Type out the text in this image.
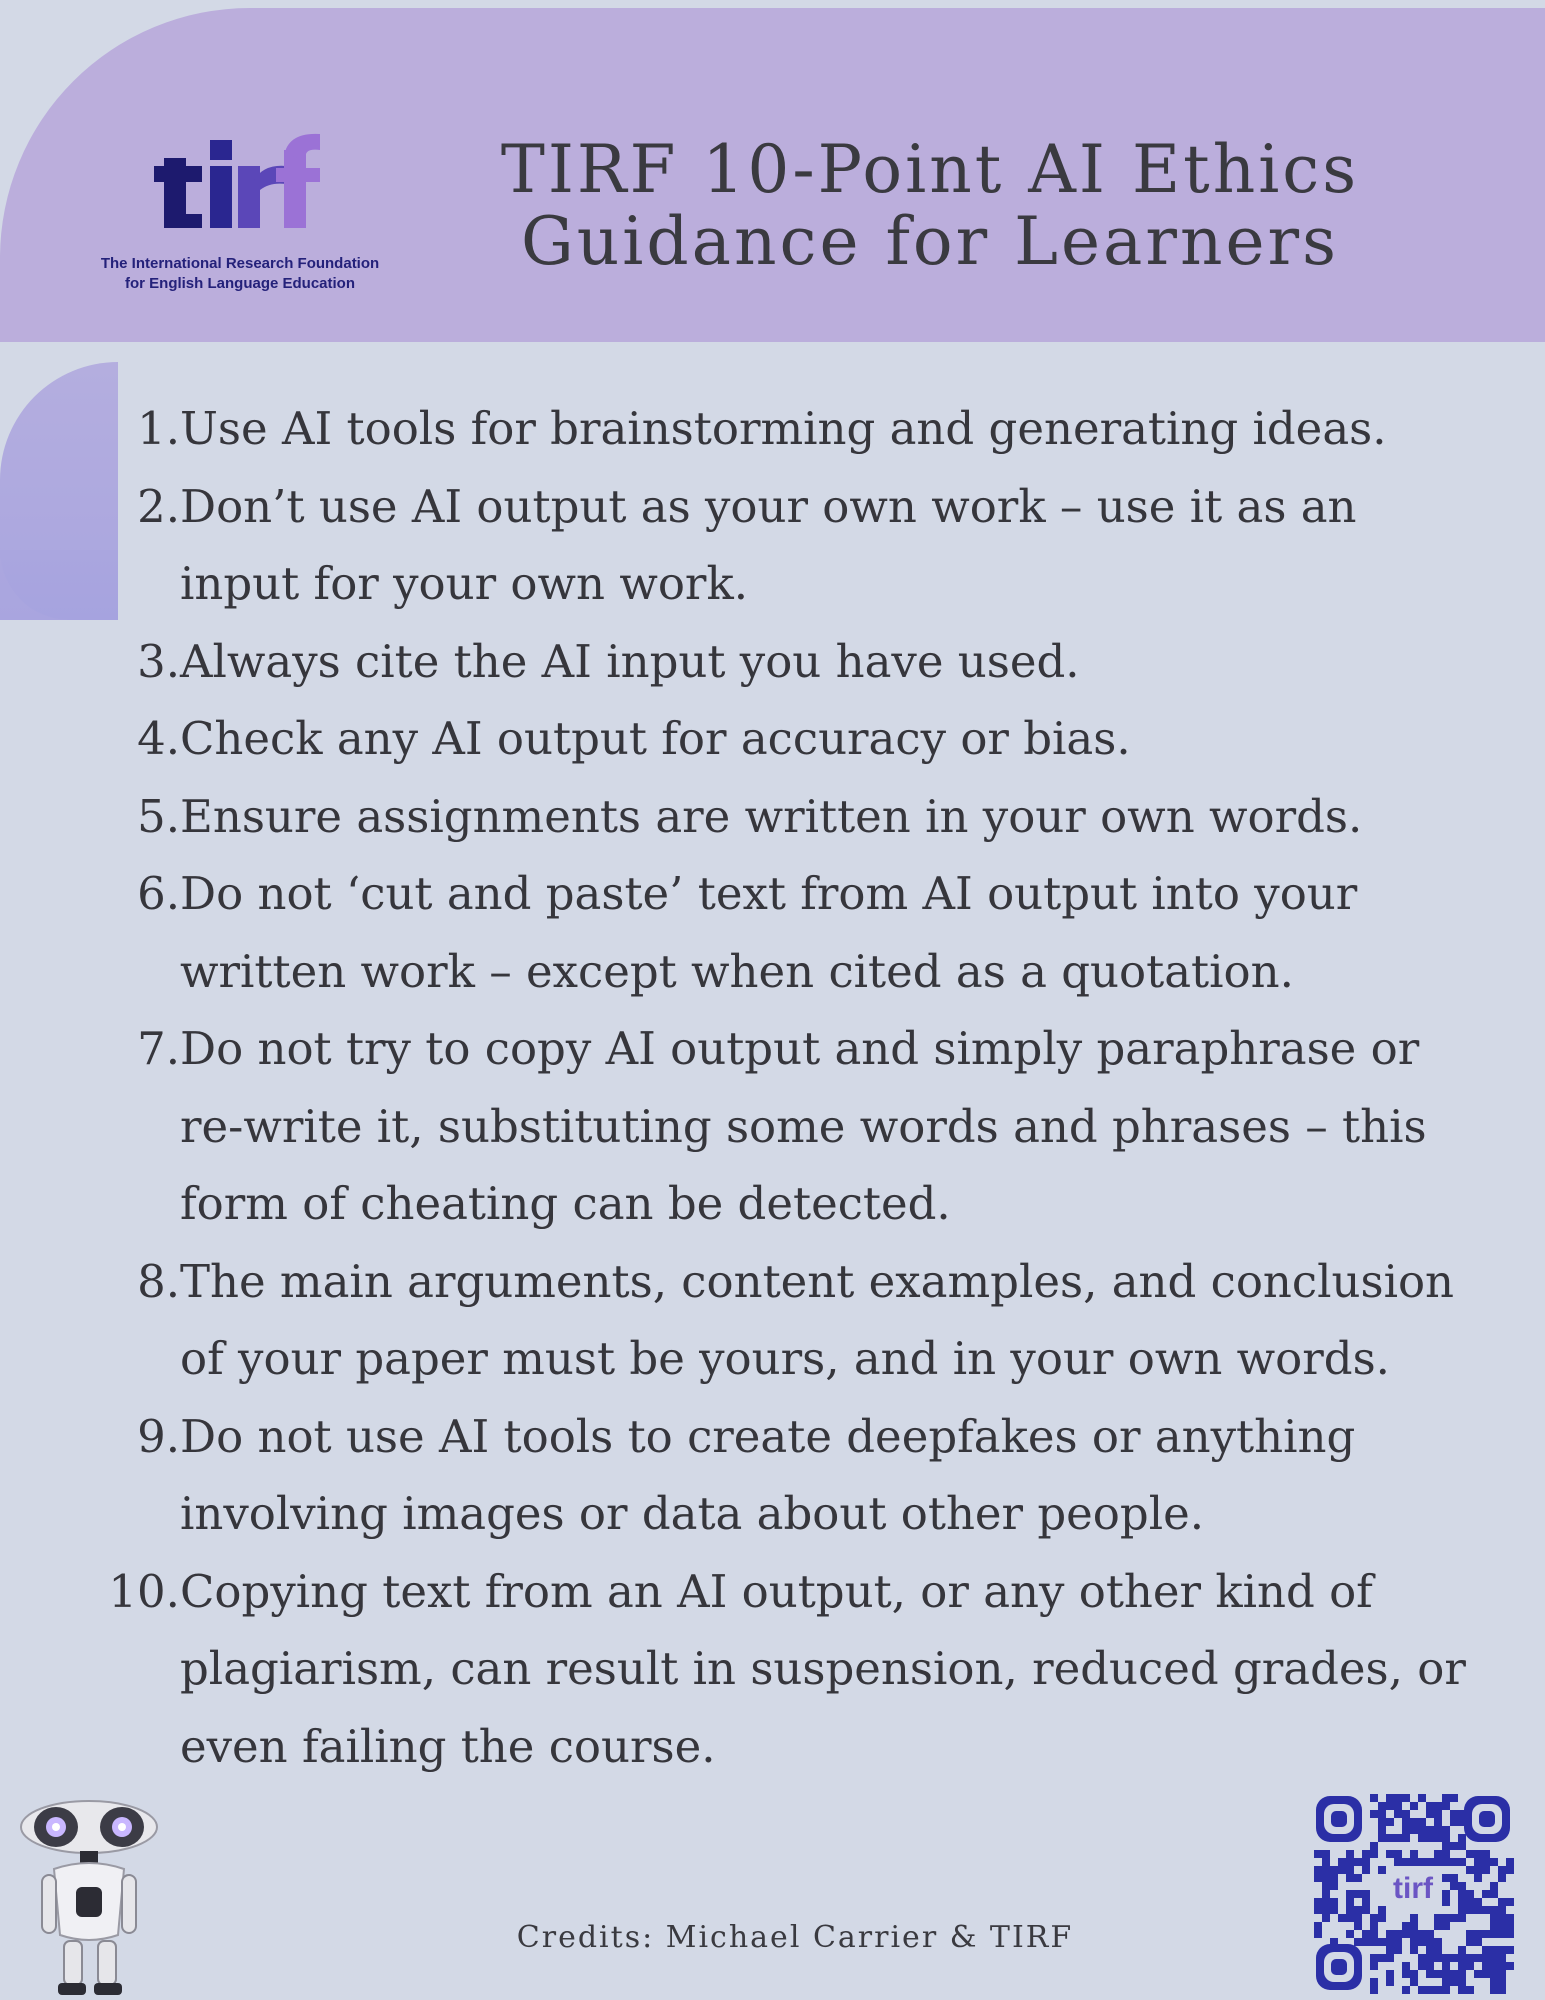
The International Research Foundation
for English Language Education
TIRF 10-Point AI Ethics
Guidance for Learners
1. Use AI tools for brainstorming and generating ideas.
2. Don’t use AI output as your own work – use it as an input for your own work.
3. Always cite the AI input you have used.
4. Check any AI output for accuracy or bias.
5. Ensure assignments are written in your own words.
6. Do not ‘cut and paste’ text from AI output into your written work – except when cited as a quotation.
7. Do not try to copy AI output and simply paraphrase or re-write it, substituting some words and phrases – this form of cheating can be detected.
8. The main arguments, content examples, and conclusion of your paper must be yours, and in your own words.
9. Do not use AI tools to create deepfakes or anything involving images or data about other people.
10. Copying text from an AI output, or any other kind of plagiarism, can result in suspension, reduced grades, or even failing the course.
Credits: Michael Carrier & TIRF
tirf
